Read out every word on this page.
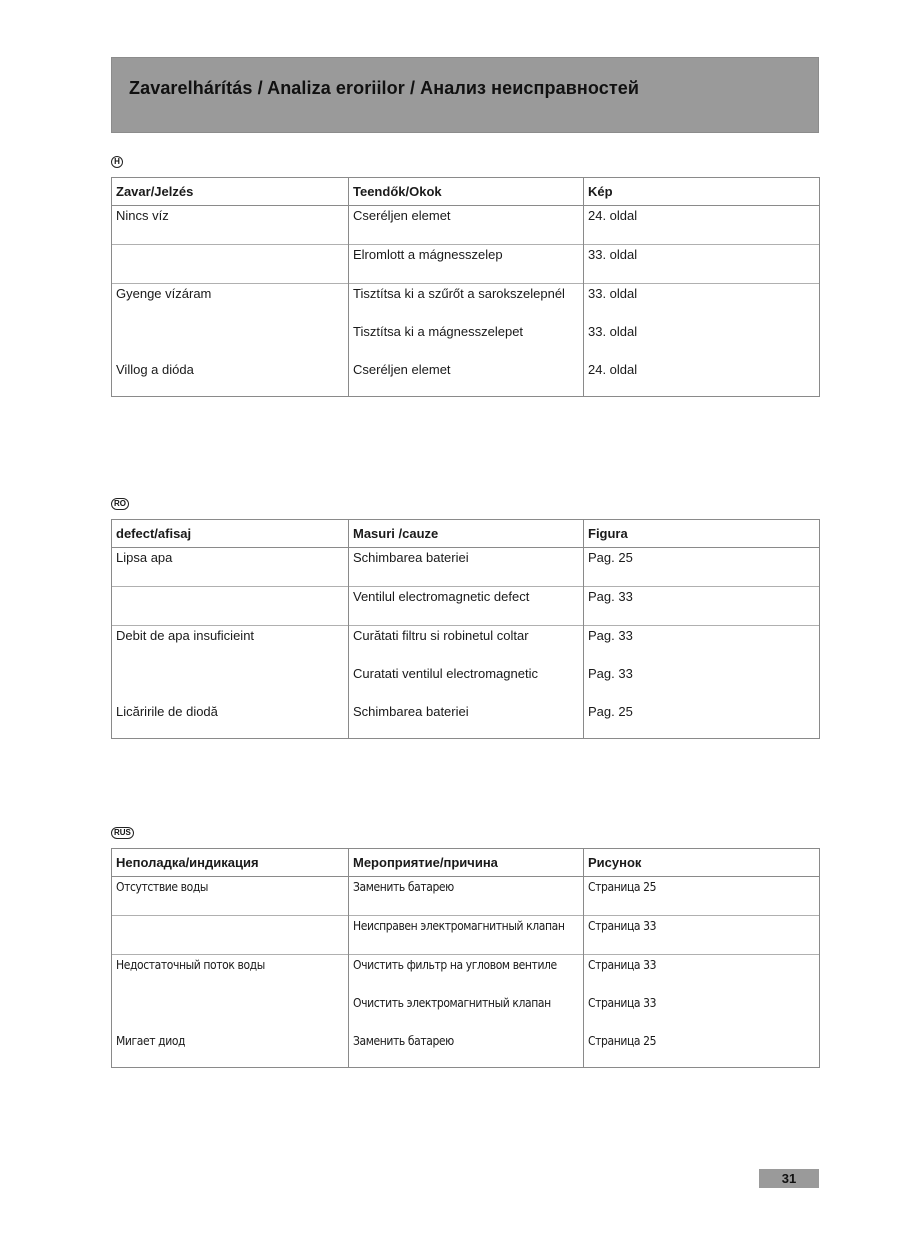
Zavarelhárítás / Analiza eroriilor / Анализ неисправностей
H
Zavar/Jelzés	Teendők/Okok	Kép

Nincs víz	Cseréljen elemet	24. oldal

	Elromlott a mágnesszelep	33. oldal

Gyenge vízáram	Tisztítsa ki a szűrőt a sarokszelepnél	33. oldal

	Tisztítsa ki a mágnesszelepet	33. oldal

Villog a dióda	Cseréljen elemet	24. oldal
RO
defect/afisaj	Masuri /cauze	Figura

Lipsa apa	Schimbarea bateriei	Pag. 25

	Ventilul electromagnetic defect	Pag. 33

Debit de apa insuficieint	Curătati filtru si robinetul coltar	Pag. 33

	Curatati ventilul electromagnetic	Pag. 33

Licăririle de diodă	Schimbarea bateriei	Pag. 25
RUS
Неполадка/индикация	Мероприятие/причина	Рисунок

Отсутствие воды	Заменить батарею	Страница 25

	Неисправен электромагнитный клапан	Страница 33

Недостаточный поток воды	Очистить фильтр на угловом вентиле	Страница 33

	Очистить электромагнитный клапан	Страница 33

Мигает диод	Заменить батарею	Страница 25
31
